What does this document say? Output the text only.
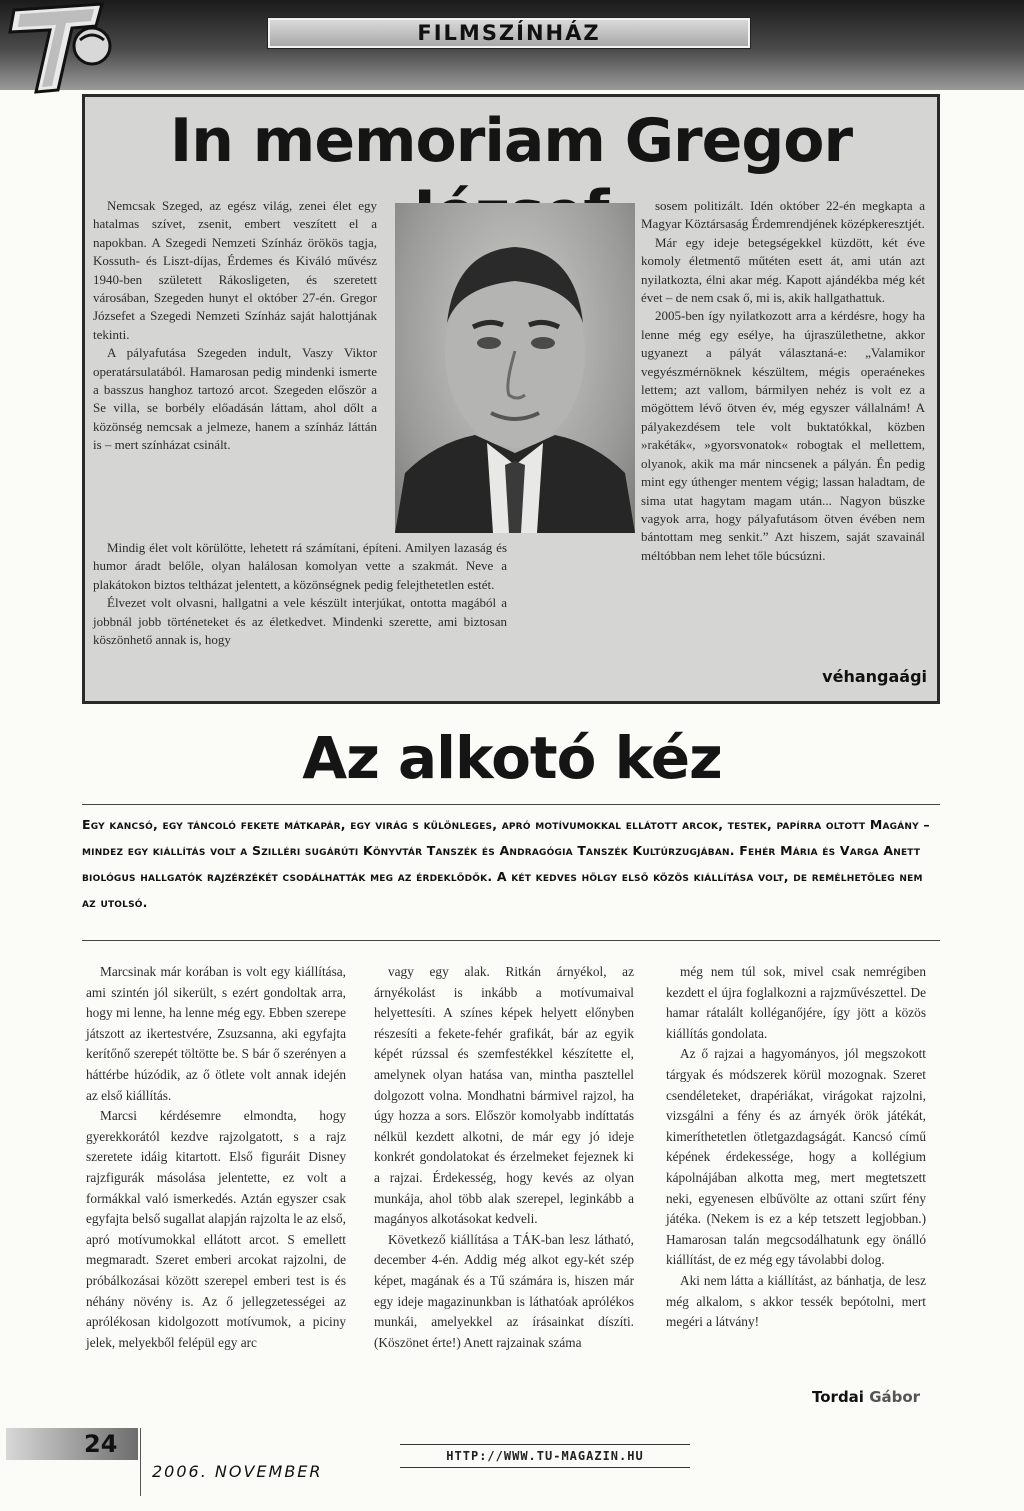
FILMSZÍNHÁZ
In memoriam Gregor

Nemcsak Szeged, az egész világ, zenei élet egy hatalmas szívet, zsenit, embert veszített el a napokban. A Szegedi Nemzeti Színház örökös tagja, Kossuth- és Liszt-díjas, Érdemes és Kiváló művész 1940-ben született Rákosligeten, és szeretett városában, Szegeden hunyt el október 27-én. Gregor Józsefet a Szegedi Nemzeti Színház saját halottjának tekinti.

A pályafutása Szegeden indult, Vaszy Viktor operatársulatából. Hamarosan pedig mindenki ismerte a basszus hanghoz tartozó arcot. Szegeden először a Se villa, se borbély előadásán láttam, ahol dőlt a közönség nemcsak a jelmeze, hanem a színház láttán is – mert színházat csinált.

sosem politizált. Idén október 22-én megkapta a Magyar Köztársaság Érdemrendjének középkeresztjét.

Már egy ideje betegségekkel küzdött, két éve komoly életmentő műtéten esett át, ami után azt nyilatkozta, élni akar még. Kapott ajándékba még két évet – de nem csak ő, mi is, akik hallgathattuk.

2005-ben így nyilatkozott arra a kérdésre, hogy ha lenne még egy esélye, ha újraszülethetne, akkor ugyanezt a pályát választaná-e: „Valamikor vegyészmérnöknek készültem, mégis operaénekes lettem; azt vallom, bármilyen nehéz is volt ez a mögöttem lévő ötven év, még egyszer vállalnám! A pályakezdésem tele volt buktatókkal, közben »rakéták«, »gyorsvonatok« robogtak el mellettem, olyanok, akik ma már nincsenek a pályán. Én pedig mint egy úthenger mentem végig; lassan haladtam, de sima utat hagytam magam után... Nagyon büszke vagyok arra, hogy pályafutásom ötven évében nem bántottam meg senkit.” Azt hiszem, saját szavainál méltóbban nem lehet tőle búcsúzni.

Mindig élet volt körülötte, lehetett rá számítani, építeni. Amilyen lazaság és humor áradt belőle, olyan halálosan komolyan vette a szakmát. Neve a plakátokon biztos teltházat jelentett, a közönségnek pedig felejthetetlen estét.

Élvezet volt olvasni, hallgatni a vele készült interjúkat, ontotta magából a jobbnál jobb történeteket és az életkedvet. Mindenki szerette, ami biztosan köszönhető annak is, hogy

véhangaági
Az alkotó kéz
Egy kancsó, egy táncoló fekete mátkapár, egy virág s különleges, apró motívumokkal ellátott arcok, testek, papírra oltott Magány – mindez egy kiállítás volt a Szilléri sugárúti Könyvtár Tanszék és Andragógia Tanszék Kultúrzugjában. Fehér Mária és Varga Anett biológus hallgatók rajzérzékét csodálhatták meg az érdeklődők. A két kedves hölgy első közös kiállítása volt, de remélhetőleg nem az utolsó.

Marcsinak már korában is volt egy kiállítása, ami szintén jól sikerült, s ezért gondoltak arra, hogy mi lenne, ha lenne még egy. Ebben szerepe játszott az ikertestvére, Zsuzsanna, aki egyfajta kerítőnő szerepét töltötte be. S bár ő szerényen a háttérbe húzódik, az ő ötlete volt annak idején az első kiállítás.

Marcsi kérdésemre elmondta, hogy gyerekkorától kezdve rajzolgatott, s a rajz szeretete idáig kitartott. Első figuráit Disney rajzfigurák másolása jelentette, ez volt a formákkal való ismerkedés. Aztán egyszer csak egyfajta belső sugallat alapján rajzolta le az első, apró motívumokkal ellátott arcot. S emellett megmaradt. Szeret emberi arcokat rajzolni, de próbálkozásai között szerepel emberi test is és néhány növény is. Az ő jellegzetességei az aprólékosan kidolgozott motívumok, a piciny jelek, melyekből felépül egy arc

vagy egy alak. Ritkán árnyékol, az árnyékolást is inkább a motívumaival helyettesíti. A színes képek helyett előnyben részesíti a fekete-fehér grafikát, bár az egyik képét rúzssal és szemfestékkel készítette el, amelynek olyan hatása van, mintha pasztellel dolgozott volna. Mondhatni bármivel rajzol, ha úgy hozza a sors. Először komolyabb indíttatás nélkül kezdett alkotni, de már egy jó ideje konkrét gondolatokat és érzelmeket fejeznek ki a rajzai. Érdekesség, hogy kevés az olyan munkája, ahol több alak szerepel, leginkább a magányos alkotásokat kedveli.

Következő kiállítása a TÁK-ban lesz látható, december 4-én. Addig még alkot egy-két szép képet, magának és a Tű számára is, hiszen már egy ideje magazinunkban is láthatóak aprólékos munkái, amelyekkel az írásainkat díszíti. (Köszönet érte!) Anett rajzainak száma

még nem túl sok, mivel csak nemrégiben kezdett el újra foglalkozni a rajzművészettel. De hamar rátalált kolléganőjére, így jött a közös kiállítás gondolata.

Az ő rajzai a hagyományos, jól megszokott tárgyak és módszerek körül mozognak. Szeret csendéleteket, drapériákat, virágokat rajzolni, vizsgálni a fény és az árnyék örök játékát, kimeríthetetlen ötletgazdagságát. Kancsó című képének érdekessége, hogy a kollégium kápolnájában alkotta meg, mert megtetszett neki, egyenesen elbűvölte az ottani szűrt fény játéka. (Nekem is ez a kép tetszett legjobban.) Hamarosan talán megcsodálhatunk egy önálló kiállítást, de ez még egy távolabbi dolog.

Aki nem látta a kiállítást, az bánhatja, de lesz még alkalom, s akkor tessék bepótolni, mert megéri a látvány!

Tordai Gábor
24
2006. NOVEMBER
HTTP://WWW.TU-MAGAZIN.HU
